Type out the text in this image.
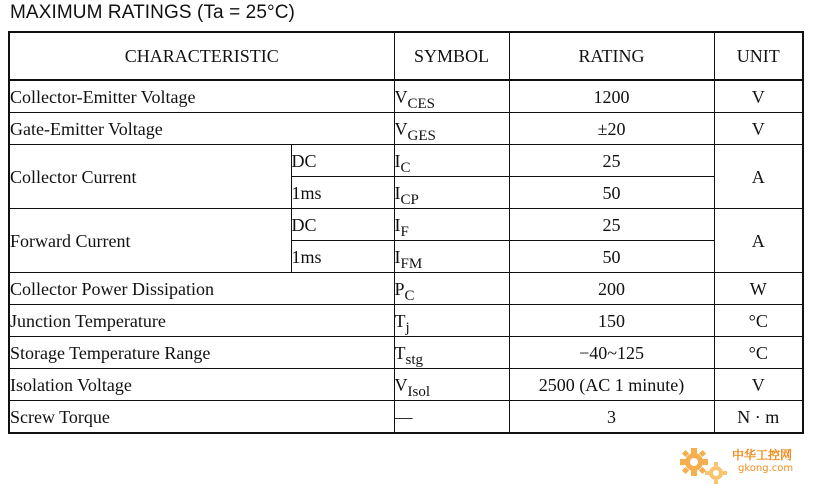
MAXIMUM RATINGS (Ta = 25°C)
CHARACTERISTIC		SYMBOL	RATING	UNIT
Collector-Emitter Voltage		$V_{CES}$	1200	V
Gate-Emitter Voltage		$V_{GES}$	±20	V
Collector Current	DC	$I_C$	25	A
	1ms	$I_{CP}$	50	
Forward Current	DC	$I_F$	25	A
	1ms	$I_{FM}$	50	
Collector Power Dissipation		$P_C$	200	W
Junction Temperature		$T_j$	150	°C
Storage Temperature Range		$T_{stg}$	−40~125	°C
Isolation Voltage		$V_{Isol}$	2500 (AC 1 minute)	V
Screw Torque		—	3	N · m
中华工控网
gkong.com
